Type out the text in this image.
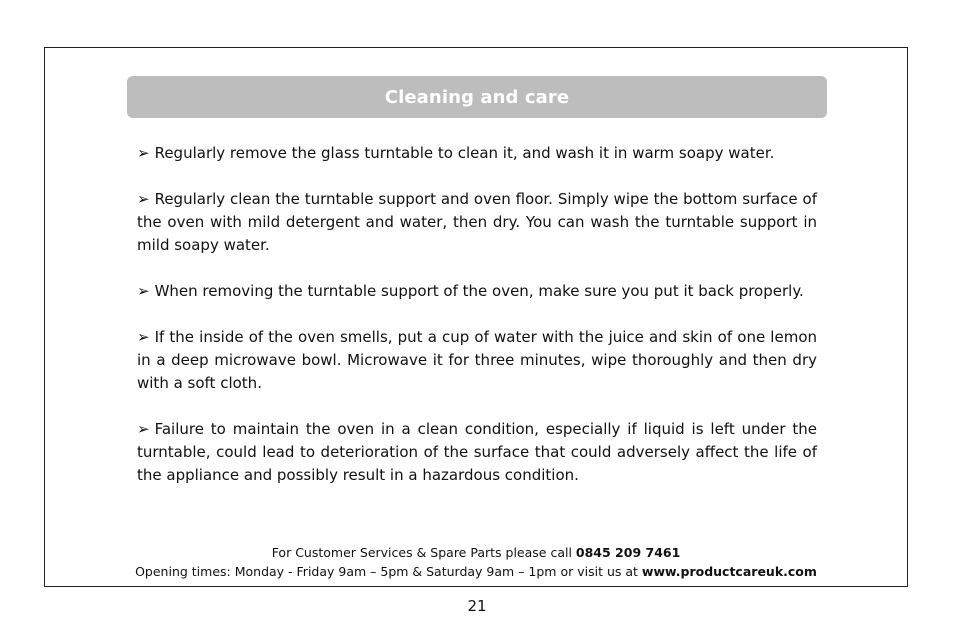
Cleaning and care

➢ Regularly remove the glass turntable to clean it, and wash it in warm soapy water.

➢ Regularly clean the turntable support and oven floor. Simply wipe the bottom surface of the oven with mild detergent and water, then dry. You can wash the turntable support in mild soapy water.

➢ When removing the turntable support of the oven, make sure you put it back properly.

➢ If the inside of the oven smells, put a cup of water with the juice and skin of one lemon in a deep microwave bowl. Microwave it for three minutes, wipe thoroughly and then dry with a soft cloth.

➢ Failure to maintain the oven in a clean condition, especially if liquid is left under the turntable, could lead to deterioration of the surface that could adversely affect the life of the appliance and possibly result in a hazardous condition.

For Customer Services & Spare Parts please call 0845 209 7461
Opening times: Monday - Friday 9am – 5pm & Saturday 9am – 1pm or visit us at www.productcareuk.com
21
